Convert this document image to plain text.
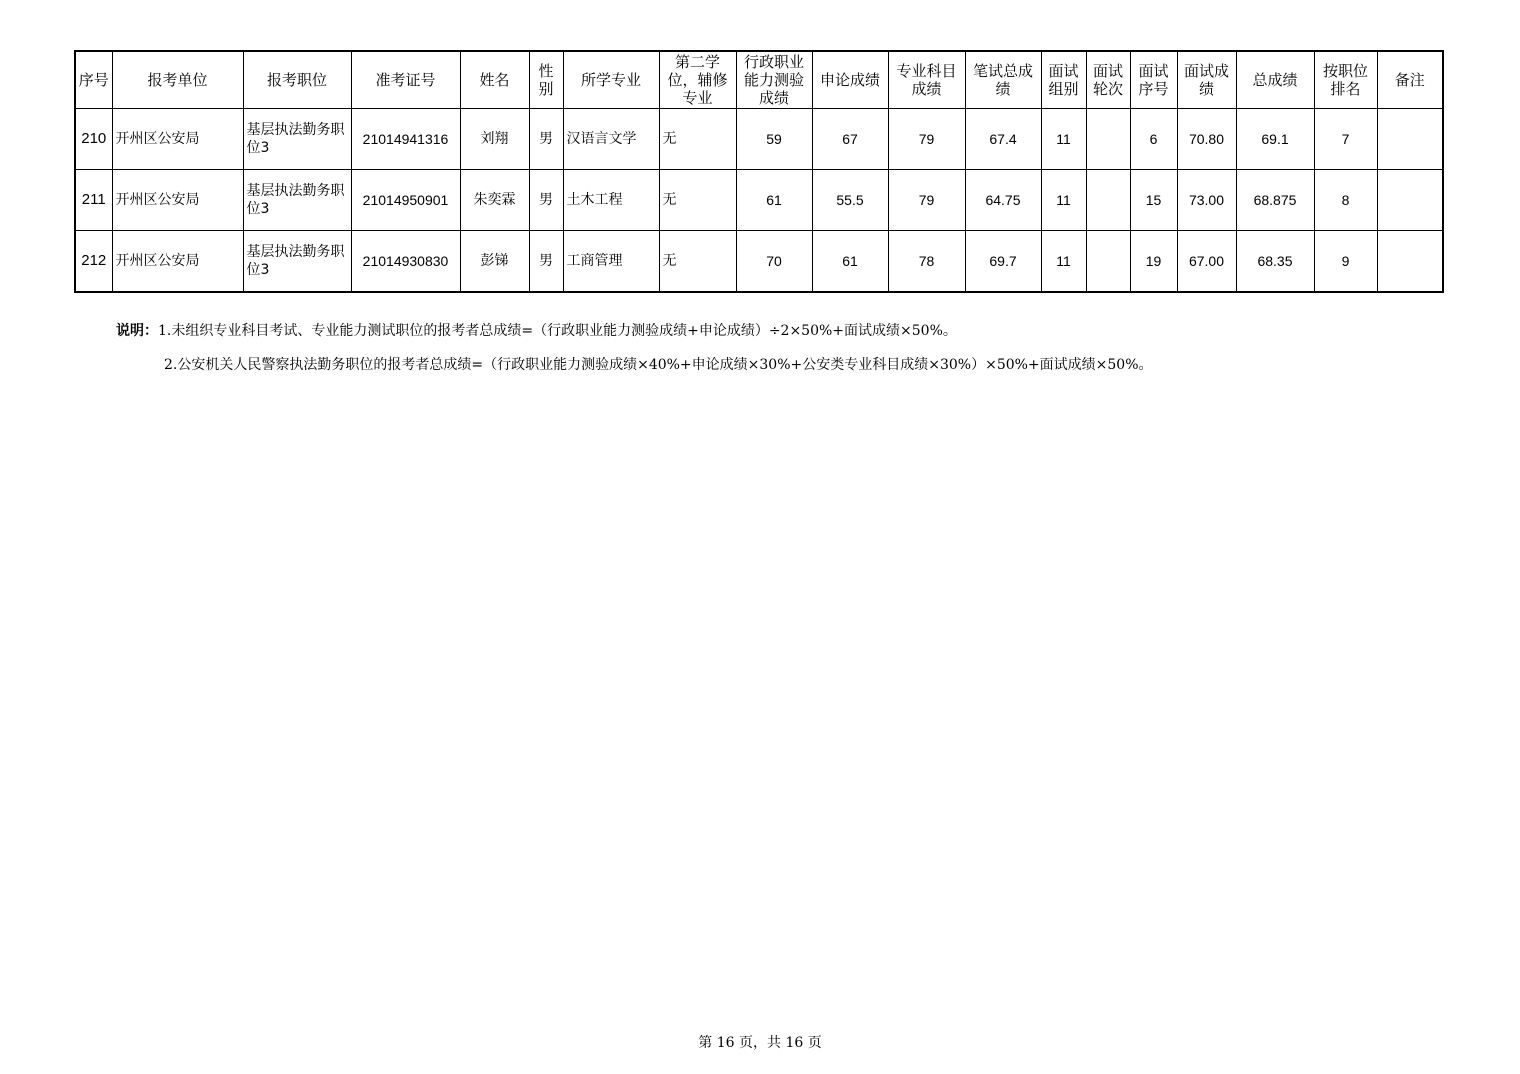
序号	报考单位	报考职位	准考证号	姓名	性别	所学专业	第二学位，辅修专业	行政职业能力测验成绩	申论成绩	专业科目成绩	笔试总成绩	面试组别	面试轮次	面试序号	面试成绩	总成绩	按职位排名	备注
210	开州区公安局	基层执法勤务职位3	21014941316	刘翔	男	汉语言文学	无	59	67	79	67.4	11		6	70.80	69.1	7	
211	开州区公安局	基层执法勤务职位3	21014950901	朱奕霖	男	土木工程	无	61	55.5	79	64.75	11		15	73.00	68.875	8	
212	开州区公安局	基层执法勤务职位3	21014930830	彭锑	男	工商管理	无	70	61	78	69.7	11		19	67.00	68.35	9	
说明：1.未组织专业科目考试、专业能力测试职位的报考者总成绩=（行政职业能力测验成绩+申论成绩）÷2×50%+面试成绩×50%。
2.公安机关人民警察执法勤务职位的报考者总成绩=（行政职业能力测验成绩×40%+申论成绩×30%+公安类专业科目成绩×30%）×50%+面试成绩×50%。
第 16 页，共 16 页
